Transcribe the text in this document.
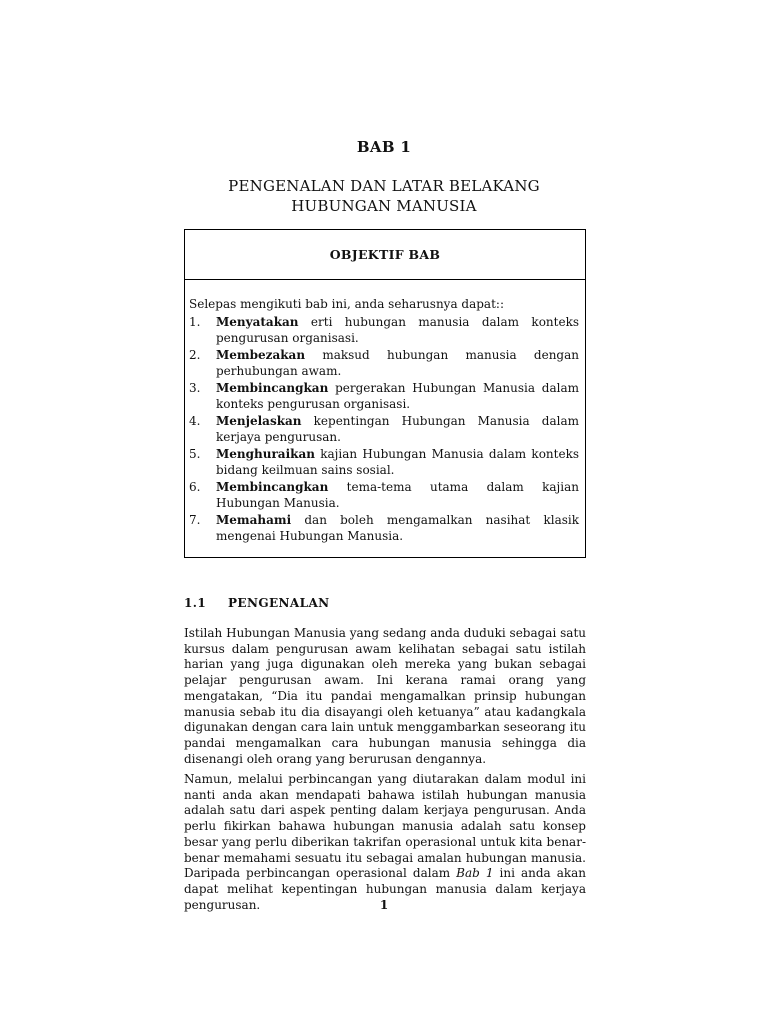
BAB 1
PENGENALAN DAN LATAR BELAKANG
HUBUNGAN MANUSIA
OBJEKTIF BAB
Selepas mengikuti bab ini, anda seharusnya dapat::
1.	Menyatakan erti hubungan manusia dalam konteks pengurusan organisasi.
2.	Membezakan maksud hubungan manusia dengan perhubungan awam.
3.	Membincangkan pergerakan Hubungan Manusia dalam konteks pengurusan organisasi.
4.	Menjelaskan kepentingan Hubungan Manusia dalam kerjaya pengurusan.
5.	Menghuraikan kajian Hubungan Manusia dalam konteks bidang keilmuan sains sosial.
6.	Membincangkan tema-tema utama dalam kajian Hubungan Manusia.
7.	Memahami dan boleh mengamalkan nasihat klasik mengenai Hubungan Manusia.
1.1	PENGENALAN
Istilah Hubungan Manusia yang sedang anda duduki sebagai satu kursus dalam pengurusan awam kelihatan sebagai satu istilah harian yang juga digunakan oleh mereka yang bukan sebagai pelajar pengurusan awam. Ini kerana ramai orang yang mengatakan, “Dia itu pandai mengamalkan prinsip hubungan manusia sebab itu dia disayangi oleh ketuanya” atau kadangkala digunakan dengan cara lain untuk menggambarkan seseorang itu pandai mengamalkan cara hubungan manusia sehingga dia disenangi oleh orang yang berurusan dengannya.
Namun, melalui perbincangan yang diutarakan dalam modul ini nanti anda akan mendapati bahawa istilah hubungan manusia adalah satu dari aspek penting dalam kerjaya pengurusan. Anda perlu fikirkan bahawa hubungan manusia adalah satu konsep besar yang perlu diberikan takrifan operasional untuk kita benar-benar memahami sesuatu itu sebagai amalan hubungan manusia. Daripada perbincangan operasional dalam Bab 1 ini anda akan dapat melihat kepentingan hubungan manusia dalam kerjaya pengurusan.	1
